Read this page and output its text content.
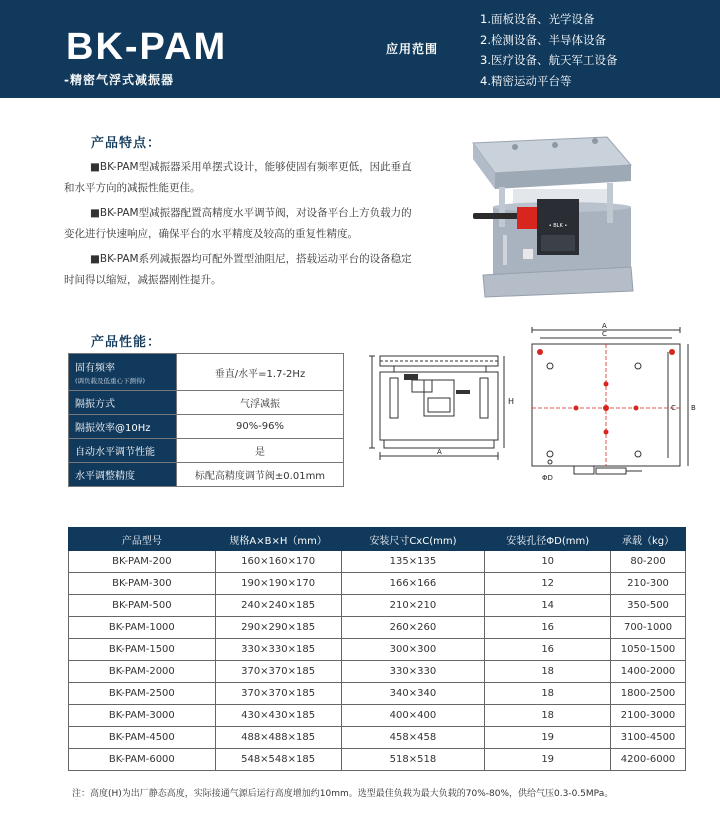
BK-PAM
-精密气浮式减振器
应用范围
1.面板设备、光学设备
2.检测设备、半导体设备
3.医疗设备、航天军工设备
4.精密运动平台等
产品特点：

■BK-PAM型减振器采用单摆式设计，能够使固有频率更低，因此垂直和水平方向的减振性能更佳。

■BK-PAM型减振器配置高精度水平调节阀，对设备平台上方负载力的变化进行快速响应，确保平台的水平精度及较高的重复性精度。

■BK-PAM系列减振器均可配外置型油阻尼，搭载运动平台的设备稳定时间得以缩短，减振器刚性提升。

• BLK •
产品性能：
固有频率
(调负载及低重心下测得)	垂直/水平=1.7-2Hz
隔振方式	气浮减振
隔振效率@10Hz	90%-96%
自动水平调节性能	是
水平调整精度	标配高精度调节阀±0.01mm
H
A
A
C
C B
ΦD
产品型号	规格A×B×H（mm）	安装尺寸CxC(mm)	安装孔径ΦD(mm)	承载（kg）
BK-PAM-200	160×160×170	135×135	10	80-200
BK-PAM-300	190×190×170	166×166	12	210-300
BK-PAM-500	240×240×185	210×210	14	350-500
BK-PAM-1000	290×290×185	260×260	16	700-1000
BK-PAM-1500	330×330×185	300×300	16	1050-1500
BK-PAM-2000	370×370×185	330×330	18	1400-2000
BK-PAM-2500	370×370×185	340×340	18	1800-2500
BK-PAM-3000	430×430×185	400×400	18	2100-3000
BK-PAM-4500	488×488×185	458×458	19	3100-4500
BK-PAM-6000	548×548×185	518×518	19	4200-6000
注：高度(H)为出厂静态高度，实际接通气源后运行高度增加约10mm。选型最佳负载为最大负载的70%-80%，供给气压0.3-0.5MPa。
